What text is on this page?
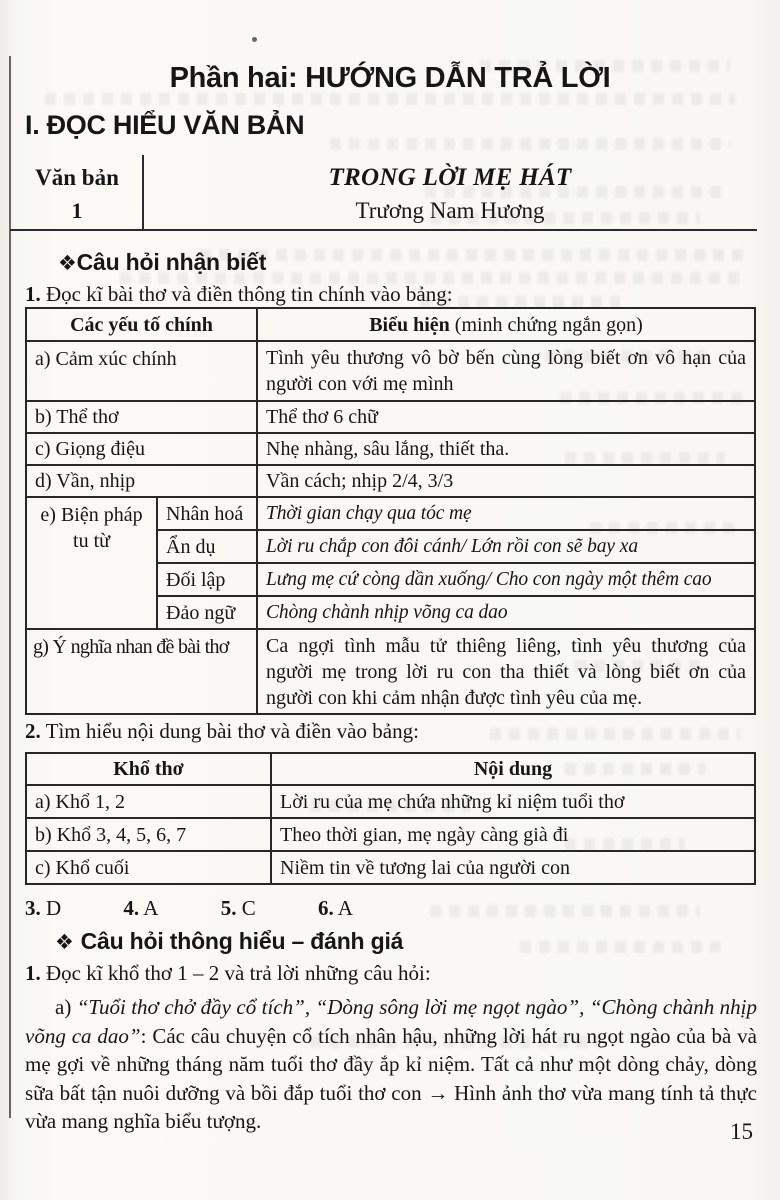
Phần hai: HƯỚNG DẪN TRẢ LỜI
I. ĐỌC HIỂU VĂN BẢN
Văn bản
1
TRONG LỜI MẸ HÁT
Trương Nam Hương
❖Câu hỏi nhận biết
1. Đọc kĩ bài thơ và điền thông tin chính vào bảng:
Các yếu tố chính		Biểu hiện (minh chứng ngắn gọn)
a) Cảm xúc chính		Tình yêu thương vô bờ bến cùng lòng biết ơn vô hạn của người con với mẹ mình
b) Thể thơ		Thể thơ 6 chữ
c) Giọng điệu		Nhẹ nhàng, sâu lắng, thiết tha.
d) Vần, nhịp		Vần cách; nhịp 2/4, 3/3
e) Biện pháp tu từ	Nhân hoá	Thời gian chạy qua tóc mẹ
	Ẩn dụ	Lời ru chắp con đôi cánh/ Lớn rồi con sẽ bay xa
	Đối lập	Lưng mẹ cứ còng dần xuống/ Cho con ngày một thêm cao
	Đảo ngữ	Chòng chành nhịp võng ca dao
g) Ý nghĩa nhan đề bài thơ		Ca ngợi tình mẫu tử thiêng liêng, tình yêu thương của người mẹ trong lời ru con tha thiết và lòng biết ơn của người con khi cảm nhận được tình yêu của mẹ.
2. Tìm hiểu nội dung bài thơ và điền vào bảng:
Khổ thơ	Nội dung
a) Khổ 1, 2	Lời ru của mẹ chứa những kỉ niệm tuổi thơ
b) Khổ 3, 4, 5, 6, 7	Theo thời gian, mẹ ngày càng già đi
c) Khổ cuối	Niềm tin về tương lai của người con
3. D	4. A	5. C	6. A
❖ Câu hỏi thông hiểu – đánh giá
1. Đọc kĩ khổ thơ 1 – 2 và trả lời những câu hỏi:
a) “Tuổi thơ chở đầy cổ tích”, “Dòng sông lời mẹ ngọt ngào”, “Chòng chành nhịp võng ca dao”: Các câu chuyện cổ tích nhân hậu, những lời hát ru ngọt ngào của bà và mẹ gợi về những tháng năm tuổi thơ đầy ắp kỉ niệm. Tất cả như một dòng chảy, dòng sữa bất tận nuôi dưỡng và bồi đắp tuổi thơ con → Hình ảnh thơ vừa mang tính tả thực vừa mang nghĩa biểu tượng.	15
